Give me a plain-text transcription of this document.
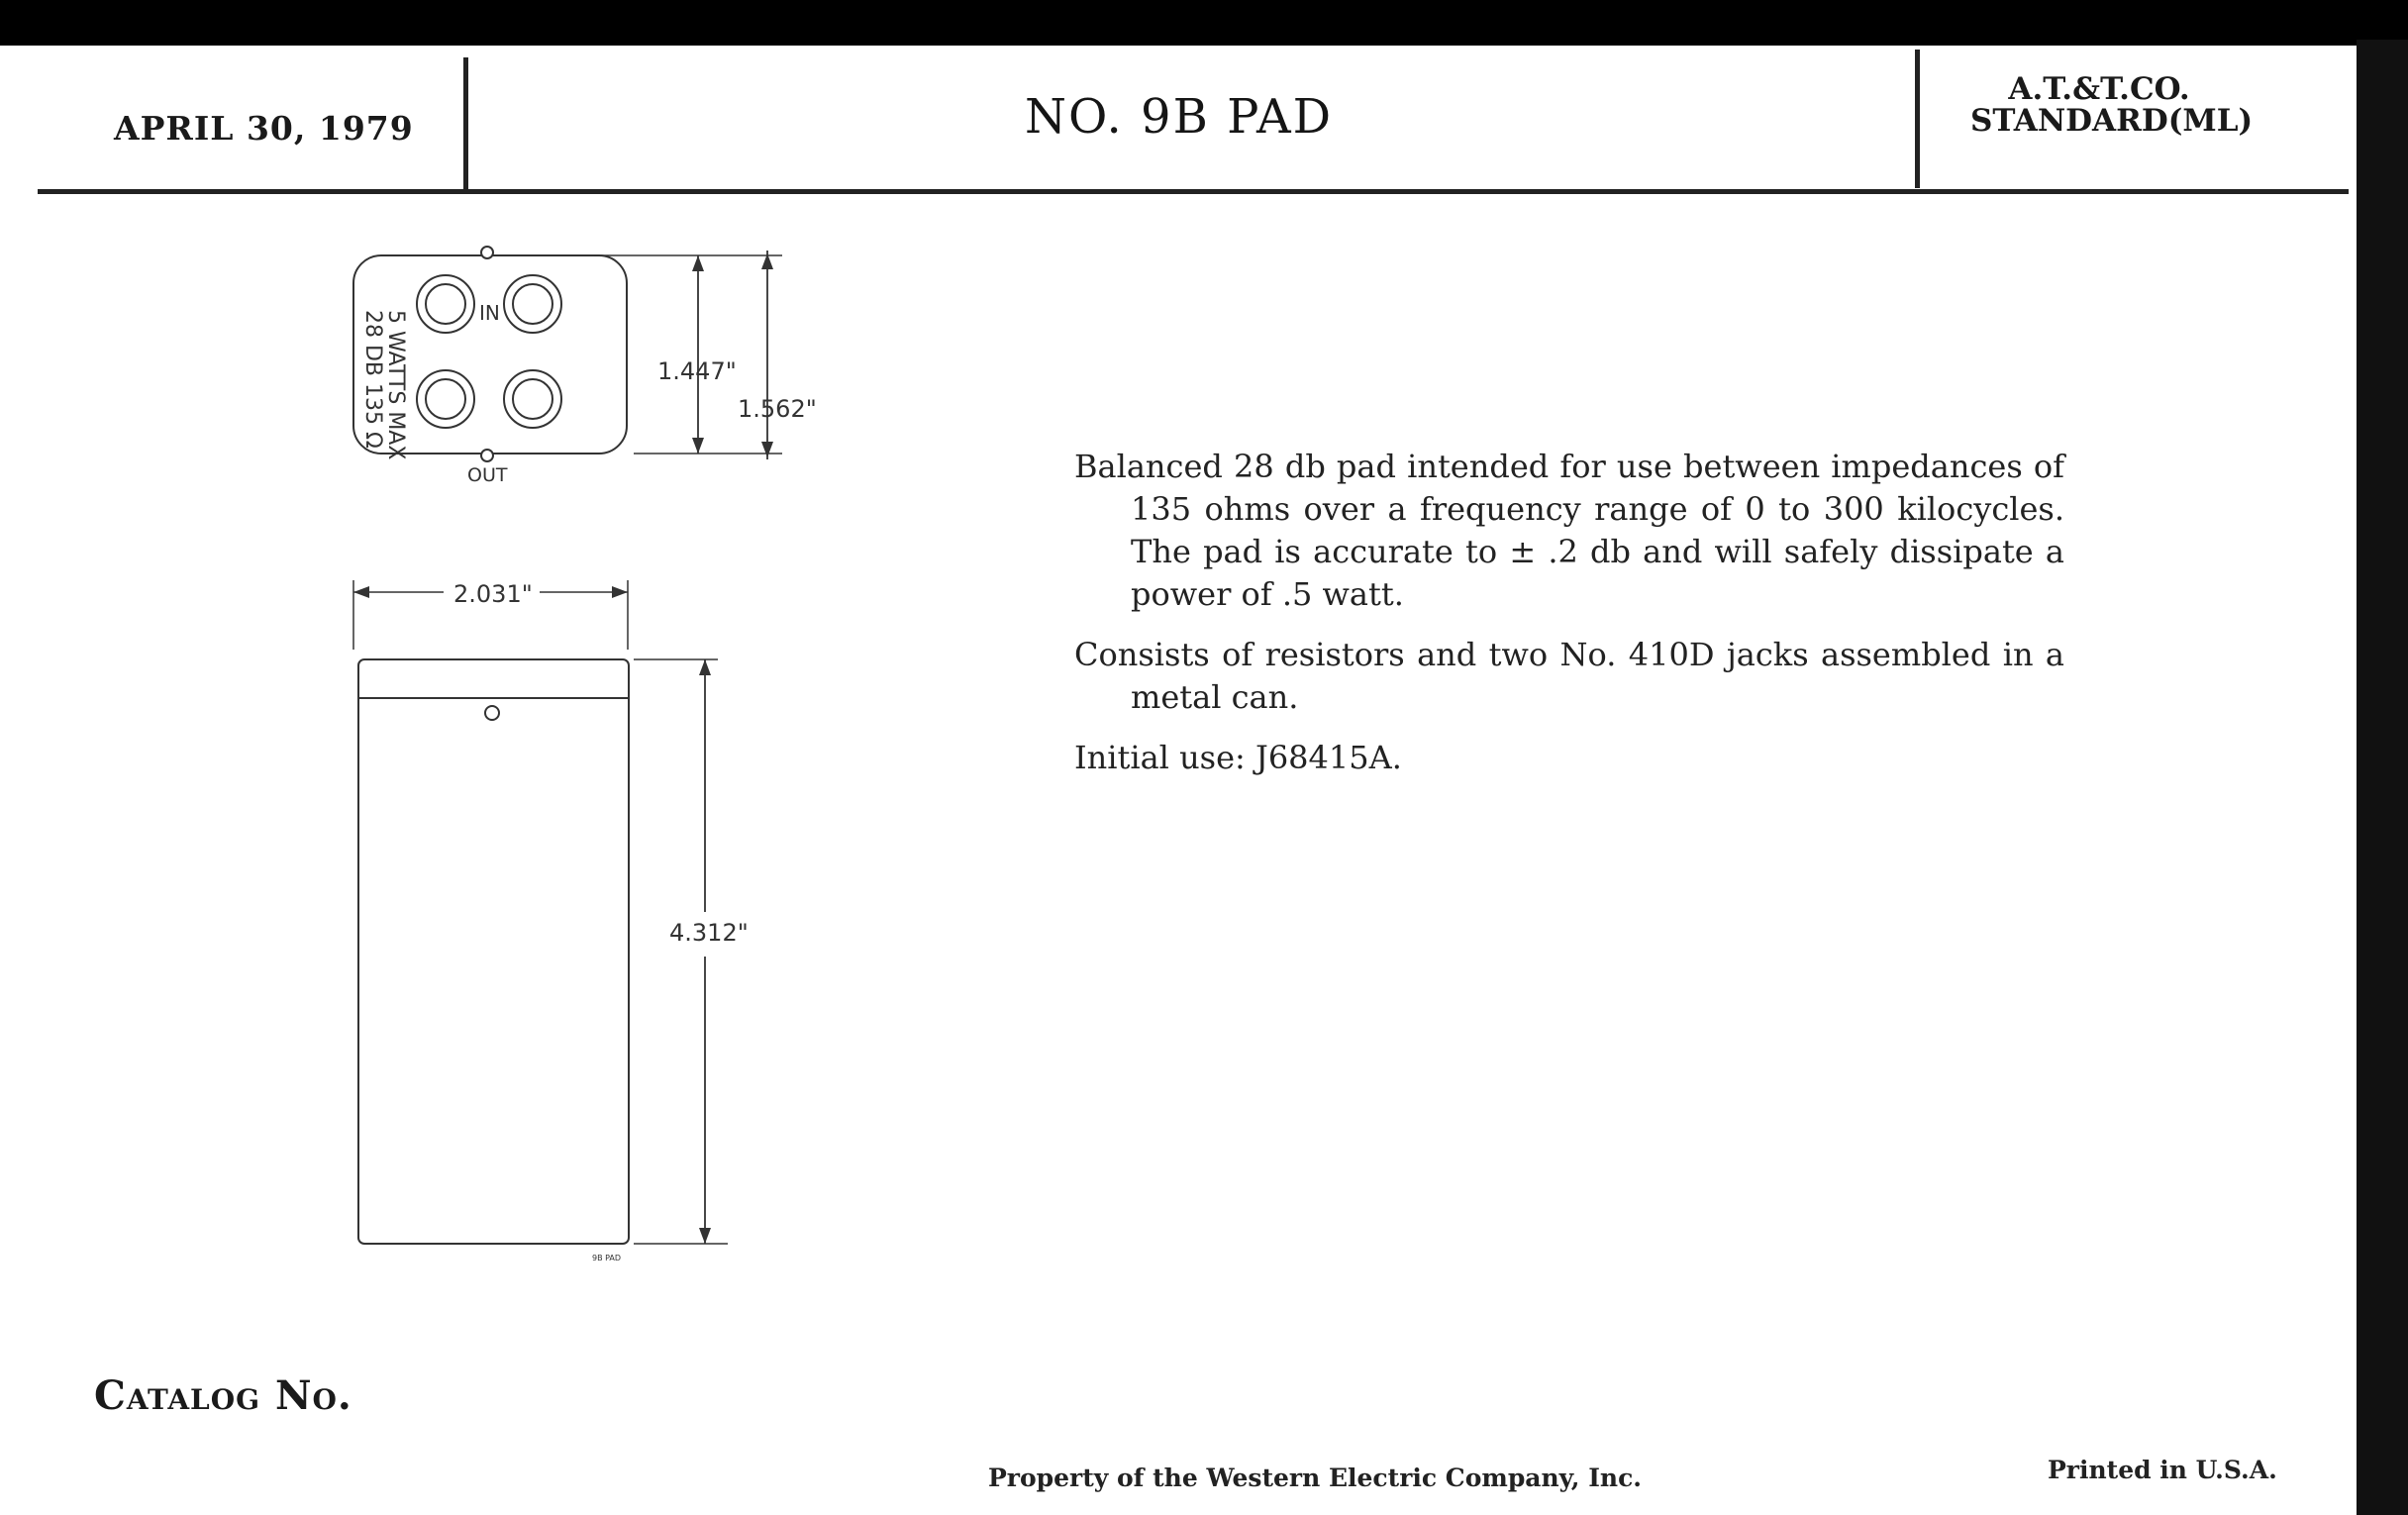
APRIL 30, 1979	NO. 9B PAD	A.T.&T.CO.
STANDARD(ML)
5 WATTS MAX
28 DB 135 Ω	IN
OUT
1.447"
1.562"
2.031"
4.312"
9B PAD

Balanced 28 db pad intended for use between impedances of 135 ohms over a frequency range of 0 to 300 kilocycles. The pad is accurate to ± .2 db and will safely dissipate a power of .5 watt.

Consists of resistors and two No. 410D jacks assembled in a metal can.

Initial use: J68415A.

Catalog No.
Property of the Western Electric Company, Inc.	Printed in U.S.A.
